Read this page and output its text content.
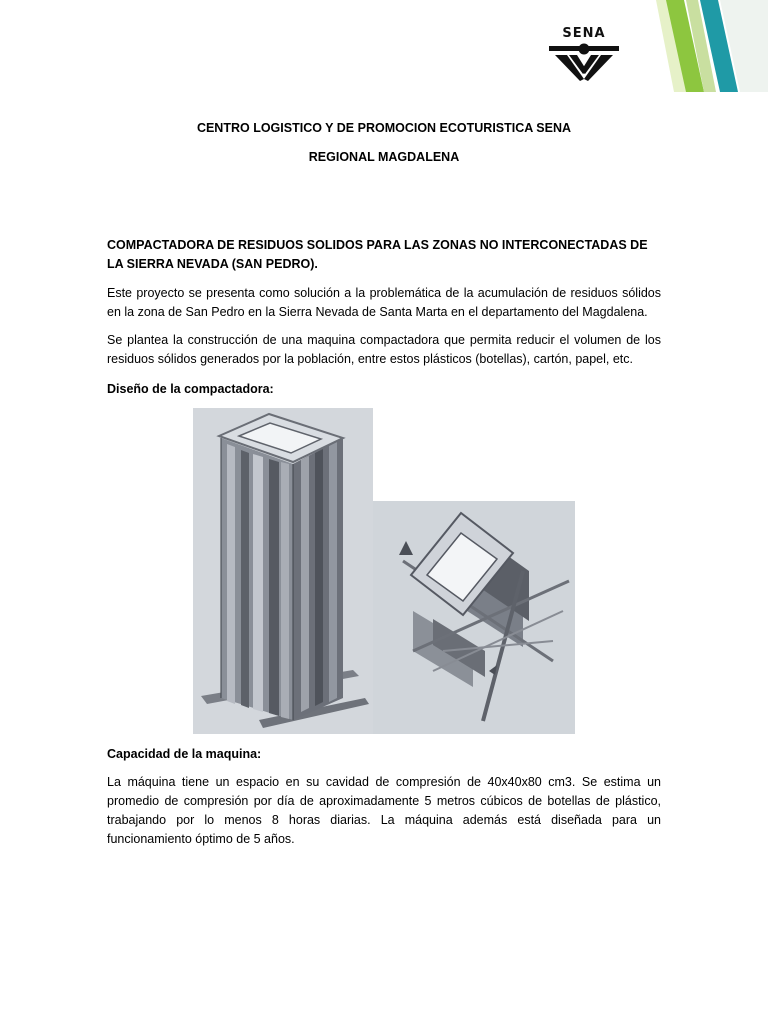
SENA
CENTRO LOGISTICO Y DE PROMOCION ECOTURISTICA SENA
REGIONAL MAGDALENA
COMPACTADORA DE RESIDUOS SOLIDOS PARA LAS ZONAS NO INTERCONECTADAS DE LA SIERRA NEVADA (SAN PEDRO).
Este proyecto se presenta como solución a la problemática de la acumulación de residuos sólidos en la zona de San Pedro en la Sierra Nevada de Santa Marta en el departamento del Magdalena.
Se plantea la construcción de una maquina compactadora que permita reducir el volumen de los residuos sólidos generados por la población, entre estos plásticos (botellas), cartón, papel, etc.
Diseño de la compactadora:
Capacidad de la maquina:
La máquina tiene un espacio en su cavidad de compresión de 40x40x80 cm3. Se estima un promedio de compresión por día de aproximadamente 5 metros cúbicos de botellas de plástico, trabajando por lo menos 8 horas diarias. La máquina además está diseñada para un funcionamiento óptimo de 5 años.
